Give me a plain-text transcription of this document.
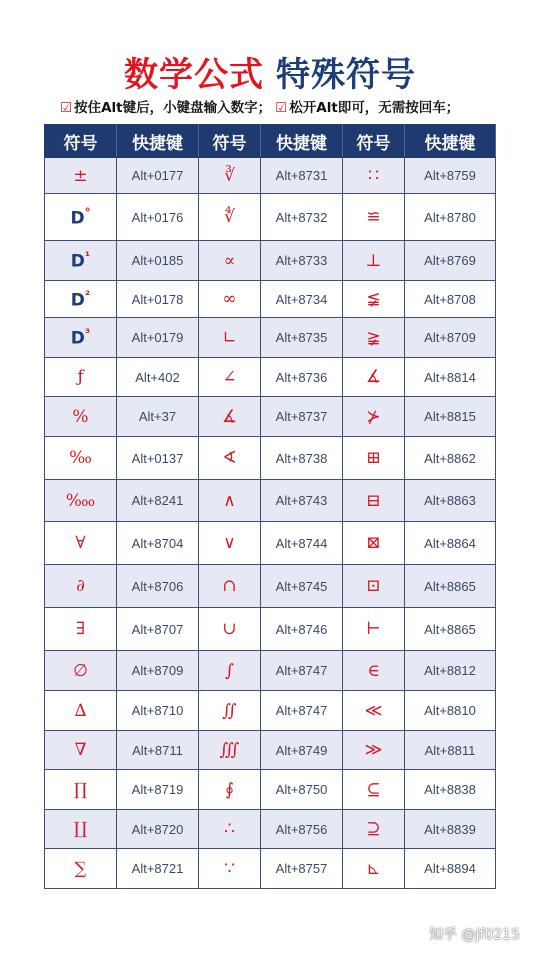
数学公式 特殊符号
☑ 按住Alt键后，小键盘输入数字； ☑ 松开Alt即可，无需按回车；
符号	快捷键	符号	快捷键	符号	快捷键
±	Alt+0177	∛	Alt+8731	∷	Alt+8759
D°	Alt+0176	∜	Alt+8732	≌	Alt+8780
$D^{^1}$	Alt+0185	∝	Alt+8733	⊥	Alt+8769
$D^{^2}$	Alt+0178	∞	Alt+8734	≨	Alt+8708
$D^{^3}$	Alt+0179	∟	Alt+8735	≩	Alt+8709
ƒ	Alt+402	∠	Alt+8736	∡	Alt+8814
%	Alt+37	∡	Alt+8737	⊁	Alt+8815
‰	Alt+0137	∢	Alt+8738	⊞	Alt+8862
‱	Alt+8241	∧	Alt+8743	⊟	Alt+8863
∀	Alt+8704	∨	Alt+8744	⊠	Alt+8864
∂	Alt+8706	∩	Alt+8745	⊡	Alt+8865
∃	Alt+8707	∪	Alt+8746	⊢	Alt+8865
∅	Alt+8709	∫	Alt+8747	∈	Alt+8812
∆	Alt+8710	∬	Alt+8747	≪	Alt+8810
∇	Alt+8711	∭	Alt+8749	≫	Alt+8811
∏	Alt+8719	∮	Alt+8750	⊆	Alt+8838
∐	Alt+8720	∴	Alt+8756	⊇	Alt+8839
∑	Alt+8721	∵	Alt+8757	⊾	Alt+8894
知乎 @jf0215
